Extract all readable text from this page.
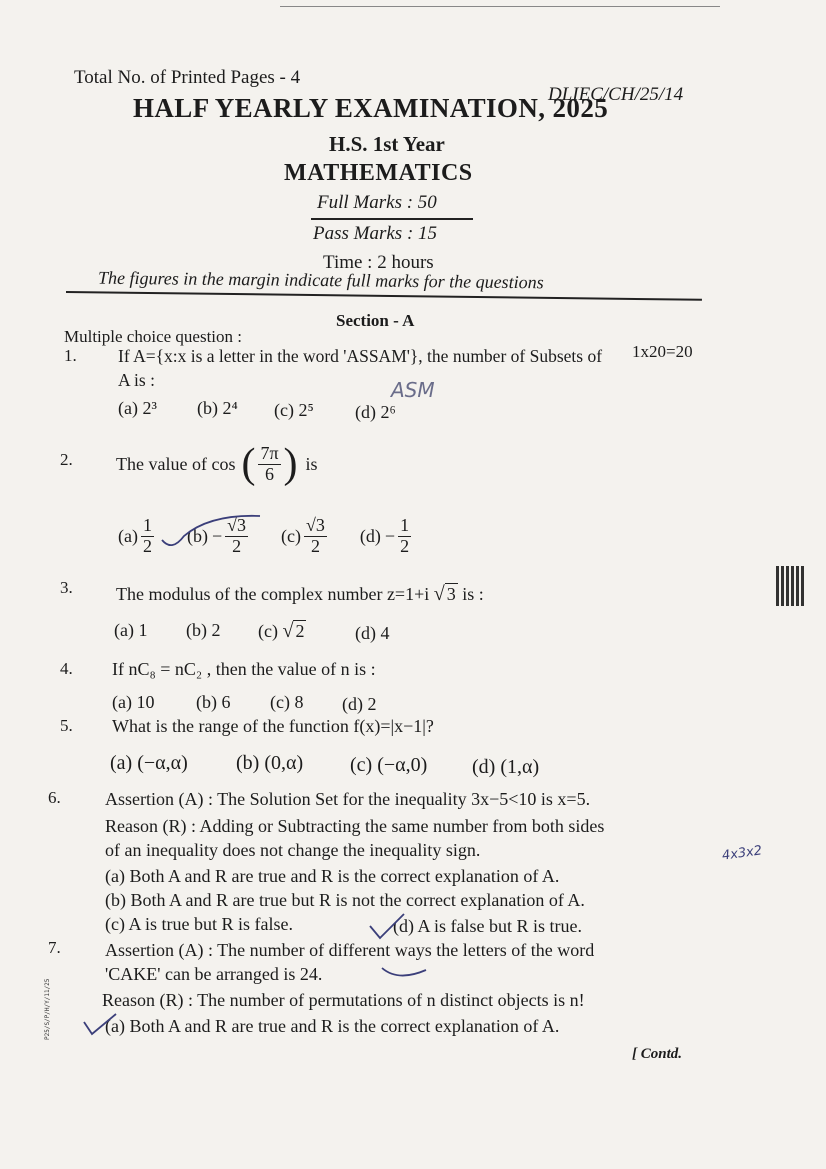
Total No. of Printed Pages - 4
DLIEC/CH/25/14
HALF YEARLY EXAMINATION, 2025
H.S. 1st Year
MATHEMATICS
Full Marks : 50
Pass Marks : 15
Time : 2 hours
The figures in the margin indicate full marks for the questions
Section - A
Multiple choice question :
1x20=20
1. If A={x:x is a letter in the word 'ASSAM'}, the number of Subsets of
A is :	ASM
(a) 2³ (b) 2⁴ (c) 2⁵ (d) 2⁶
2. The value of cos ( $\frac{7\pi}{6}$ ) is
$(a) \frac{1}{2} (b) - \frac{√3}{2} (c) \frac{√3}{2} (d) - \frac{1}{2}$
3. The modulus of the complex number z=1+i √ 3 is :
(a) 1 (b) 2 (c) √ 2	(d) 4
4. If nC₈ = nC₂ , then the value of n is :
(a) 10 (b) 6 (c) 8 (d) 2
5. What is the range of the function f(x)=|x−1|?
(a) (−α,α) (b) (0,α) (c) (−α,0) (d) (1,α)
6. Assertion (A) : The Solution Set for the inequality 3x−5<10 is x=5.
Reason (R) : Adding or Subtracting the same number from both sides
of an inequality does not change the inequality sign.	4x3x2
(a) Both A and R are true and R is the correct explanation of A.
(b) Both A and R are true but R is not the correct explanation of A.
(c) A is true but R is false.	(d) A is false but R is true.
7. Assertion (A) : The number of different ways the letters of the word
'CAKE' can be arranged is 24.
Reason (R) : The number of permutations of n distinct objects is n!
(a) Both A and R are true and R is the correct explanation of A.
P25/S/P/H/Y/11/25
[ Contd.
